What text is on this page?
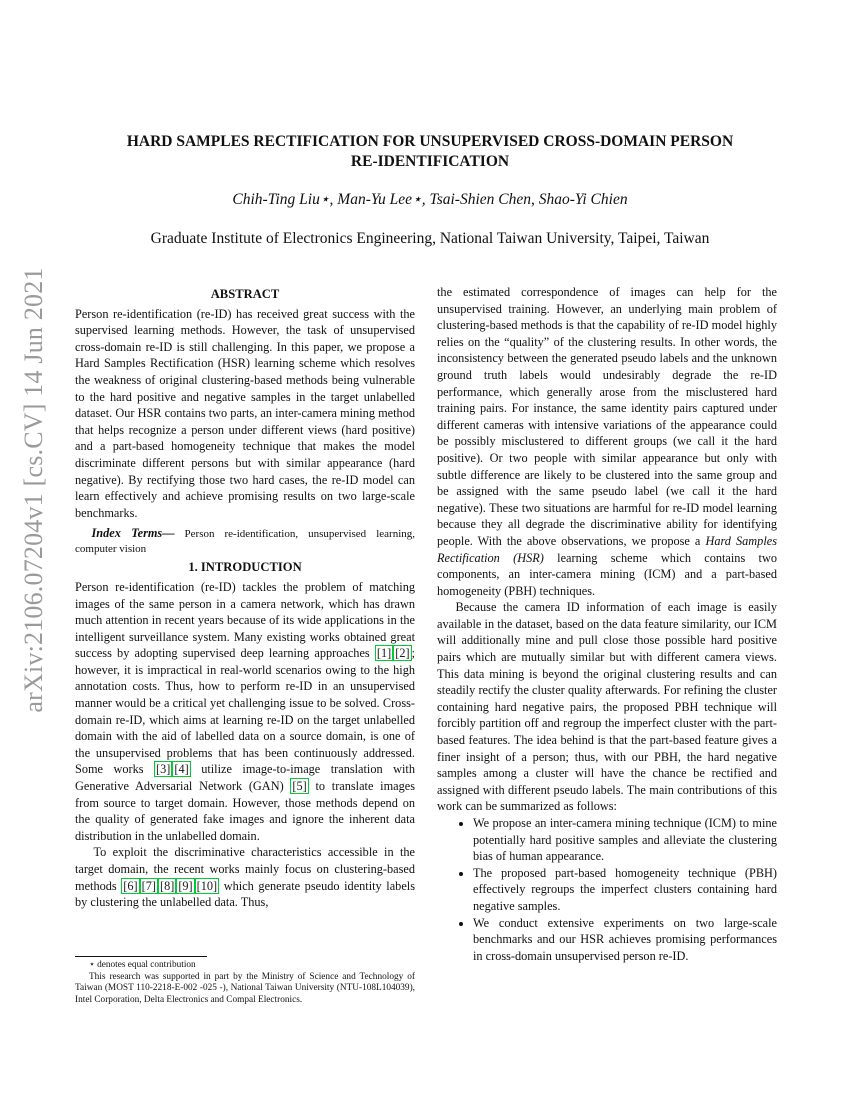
arXiv:2106.07204v1 [cs.CV] 14 Jun 2021
HARD SAMPLES RECTIFICATION FOR UNSUPERVISED CROSS-DOMAIN PERSON
RE-IDENTIFICATION
Chih-Ting Liu⋆, Man-Yu Lee⋆, Tsai-Shien Chen, Shao-Yi Chien
Graduate Institute of Electronics Engineering, National Taiwan University, Taipei, Taiwan
ABSTRACT

Person re-identification (re-ID) has received great success with the supervised learning methods. However, the task of unsupervised cross-domain re-ID is still challenging. In this paper, we propose a Hard Samples Rectification (HSR) learning scheme which resolves the weakness of original clustering-based methods being vulnerable to the hard positive and negative samples in the target unlabelled dataset. Our HSR contains two parts, an inter-camera mining method that helps recognize a person under different views (hard positive) and a part-based homogeneity technique that makes the model discriminate different persons but with similar appearance (hard negative). By rectifying those two hard cases, the re-ID model can learn effectively and achieve promising results on two large-scale benchmarks.

Index Terms— Person re-identification, unsupervised learning, computer vision

1. INTRODUCTION

Person re-identification (re-ID) tackles the problem of matching images of the same person in a camera network, which has drawn much attention in recent years because of its wide applications in the intelligent surveillance system. Many existing works obtained great success by adopting supervised deep learning approaches [1] [2] ; however, it is impractical in real-world scenarios owing to the high annotation costs. Thus, how to perform re-ID in an unsupervised manner would be a critical yet challenging issue to be solved. Cross-domain re-ID, which aims at learning re-ID on the target unlabelled domain with the aid of labelled data on a source domain, is one of the unsupervised problems that has been continuously addressed. Some works [3] [4] utilize image-to-image translation with Generative Adversarial Network (GAN) [5] to translate images from source to target domain. However, those methods depend on the quality of generated fake images and ignore the inherent data distribution in the unlabelled domain.

To exploit the discriminative characteristics accessible in the target domain, the recent works mainly focus on clustering-based methods [6] [7] [8] [9] [10] which generate pseudo identity labels by clustering the unlabelled data. Thus,

⋆ denotes equal contribution

This research was supported in part by the Ministry of Science and Technology of Taiwan (MOST 110-2218-E-002 -025 -), National Taiwan University (NTU-108L104039), Intel Corporation, Delta Electronics and Compal Electronics.

the estimated correspondence of images can help for the unsupervised training. However, an underlying main problem of clustering-based methods is that the capability of re-ID model highly relies on the “quality” of the clustering results. In other words, the inconsistency between the generated pseudo labels and the unknown ground truth labels would undesirably degrade the re-ID performance, which generally arose from the misclustered hard training pairs. For instance, the same identity pairs captured under different cameras with intensive variations of the appearance could be possibly misclustered to different groups (we call it the hard positive). Or two people with similar appearance but only with subtle difference are likely to be clustered into the same group and be assigned with the same pseudo label (we call it the hard negative). These two situations are harmful for re-ID model learning because they all degrade the discriminative ability for identifying people. With the above observations, we propose a Hard Samples Rectification (HSR) learning scheme which contains two components, an inter-camera mining (ICM) and a part-based homogeneity (PBH) techniques.

Because the camera ID information of each image is easily available in the dataset, based on the data feature similarity, our ICM will additionally mine and pull close those possible hard positive pairs which are mutually similar but with different camera views. This data mining is beyond the original clustering results and can steadily rectify the cluster quality afterwards. For refining the cluster containing hard negative pairs, the proposed PBH technique will forcibly partition off and regroup the imperfect cluster with the part-based features. The idea behind is that the part-based feature gives a finer insight of a person; thus, with our PBH, the hard negative samples among a cluster will have the chance be rectified and assigned with different pseudo labels. The main contributions of this work can be summarized as follows:

• We propose an inter-camera mining technique (ICM) to mine potentially hard positive samples and alleviate the clustering bias of human appearance.
• The proposed part-based homogeneity technique (PBH) effectively regroups the imperfect clusters containing hard negative samples.
• We conduct extensive experiments on two large-scale benchmarks and our HSR achieves promising performances in cross-domain unsupervised person re-ID.
